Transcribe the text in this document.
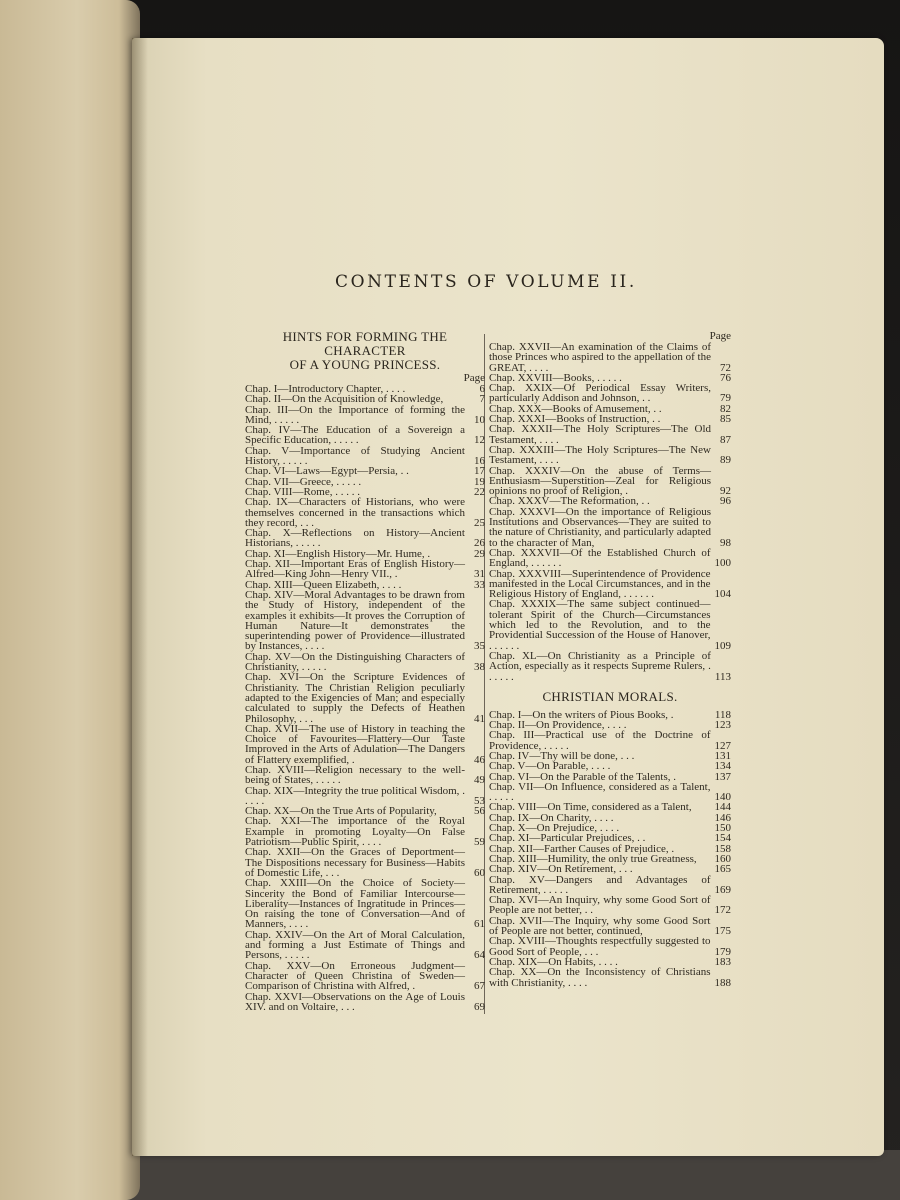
CONTENTS OF VOLUME II.
HINTS FOR FORMING THE CHARACTER
OF A YOUNG PRINCESS.
Page
Chap. I—Introductory Chapter, . . . .	6
Chap. II—On the Acquisition of Knowledge,	7
Chap. III—On the Importance of forming the Mind, . . . . .	10
Chap. IV—The Education of a Sovereign a Specific Education, . . . . .	12
Chap. V—Importance of Studying Ancient History, . . . . .	16
Chap. VI—Laws—Egypt—Persia, . .	17
Chap. VII—Greece, . . . . .	19
Chap. VIII—Rome, . . . . .	22
Chap. IX—Characters of Historians, who were themselves concerned in the transactions which they record, . . .	25
Chap. X—Reflections on History—Ancient Historians, . . . . .	26
Chap. XI—English History—Mr. Hume, .	29
Chap. XII—Important Eras of English History—Alfred—King John—Henry VII., .	31
Chap. XIII—Queen Elizabeth, . . . .	33
Chap. XIV—Moral Advantages to be drawn from the Study of History, independent of the examples it exhibits—It proves the Corruption of Human Nature—It demonstrates the superintending power of Providence—illustrated by Instances, . . . .	35
Chap. XV—On the Distinguishing Characters of Christianity, . . . . .	38
Chap. XVI—On the Scripture Evidences of Christianity. The Christian Religion peculiarly adapted to the Exigencies of Man; and especially calculated to supply the Defects of Heathen Philosophy, . . .	41
Chap. XVII—The use of History in teaching the Choice of Favourites—Flattery—Our Taste Improved in the Arts of Adulation—The Dangers of Flattery exemplified, .	46
Chap. XVIII—Religion necessary to the well-being of States, . . . . .	49
Chap. XIX—Integrity the true political Wisdom, . . . . .	53
Chap. XX—On the True Arts of Popularity,	56
Chap. XXI—The importance of the Royal Example in promoting Loyalty—On False Patriotism—Public Spirit, . . . .	59
Chap. XXII—On the Graces of Deportment—The Dispositions necessary for Business—Habits of Domestic Life, . . .	60
Chap. XXIII—On the Choice of Society—Sincerity the Bond of Familiar Intercourse—Liberality—Instances of Ingratitude in Princes—On raising the tone of Conversation—And of Manners, . . . .	61
Chap. XXIV—On the Art of Moral Calculation, and forming a Just Estimate of Things and Persons, . . . . .	64
Chap. XXV—On Erroneous Judgment—Character of Queen Christina of Sweden—Comparison of Christina with Alfred, .	67
Chap. XXVI—Observations on the Age of Louis XIV. and on Voltaire, . . .	69
Page
Chap. XXVII—An examination of the Claims of those Princes who aspired to the appellation of the GREAT, . . . .	72
Chap. XXVIII—Books, . . . . .	76
Chap. XXIX—Of Periodical Essay Writers, particularly Addison and Johnson, . .	79
Chap. XXX—Books of Amusement, . .	82
Chap. XXXI—Books of Instruction, . .	85
Chap. XXXII—The Holy Scriptures—The Old Testament, . . . .	87
Chap. XXXIII—The Holy Scriptures—The New Testament, . . . .	89
Chap. XXXIV—On the abuse of Terms—Enthusiasm—Superstition—Zeal for Religious opinions no proof of Religion, .	92
Chap. XXXV—The Reformation, . .	96
Chap. XXXVI—On the importance of Religious Institutions and Observances—They are suited to the nature of Christianity, and particularly adapted to the character of Man,	98
Chap. XXXVII—Of the Established Church of England, . . . . . .	100
Chap. XXXVIII—Superintendence of Providence manifested in the Local Circumstances, and in the Religious History of England, . . . . . .	104
Chap. XXXIX—The same subject continued—tolerant Spirit of the Church—Circumstances which led to the Revolution, and to the Providential Succession of the House of Hanover, . . . . . .	109
Chap. XL—On Christianity as a Principle of Action, especially as it respects Supreme Rulers, . . . . . .	113
CHRISTIAN MORALS.
Chap. I—On the writers of Pious Books, .	118
Chap. II—On Providence, . . . .	123
Chap. III—Practical use of the Doctrine of Providence, . . . . .	127
Chap. IV—Thy will be done, . . .	131
Chap. V—On Parable, . . . .	134
Chap. VI—On the Parable of the Talents, .	137
Chap. VII—On Influence, considered as a Talent, . . . . .	140
Chap. VIII—On Time, considered as a Talent,	144
Chap. IX—On Charity, . . . .	146
Chap. X—On Prejudice, . . . .	150
Chap. XI—Particular Prejudices, . .	154
Chap. XII—Farther Causes of Prejudice, .	158
Chap. XIII—Humility, the only true Greatness,	160
Chap. XIV—On Retirement, . . .	165
Chap. XV—Dangers and Advantages of Retirement, . . . . .	169
Chap. XVI—An Inquiry, why some Good Sort of People are not better, . .	172
Chap. XVII—The Inquiry, why some Good Sort of People are not better, continued,	175
Chap. XVIII—Thoughts respectfully suggested to Good Sort of People, . . .	179
Chap. XIX—On Habits, . . . .	183
Chap. XX—On the Inconsistency of Christians with Christianity, . . . .	188
